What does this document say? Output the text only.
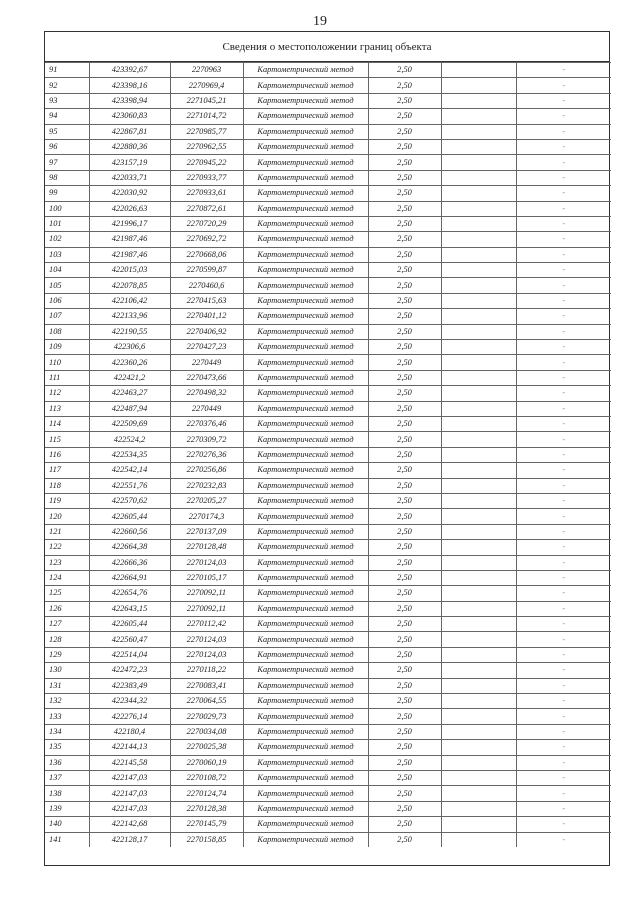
19
Сведения о местоположении границ объекта
91	423392,67	2270963	Картометрический метод	2,50		-
92	423398,16	2270969,4	Картометрический метод	2,50		-
93	423398,94	2271045,21	Картометрический метод	2,50		-
94	423060,83	2271014,72	Картометрический метод	2,50		-
95	422867,81	2270985,77	Картометрический метод	2,50		-
96	422880,36	2270962,55	Картометрический метод	2,50		-
97	423157,19	2270945,22	Картометрический метод	2,50		-
98	422033,71	2270933,77	Картометрический метод	2,50		-
99	422030,92	2270933,61	Картометрический метод	2,50		-
100	422026,63	2270872,61	Картометрический метод	2,50		-
101	421996,17	2270720,29	Картометрический метод	2,50		-
102	421987,46	2270692,72	Картометрический метод	2,50		-
103	421987,46	2270668,06	Картометрический метод	2,50		-
104	422015,03	2270599,87	Картометрический метод	2,50		-
105	422078,85	2270460,6	Картометрический метод	2,50		-
106	422106,42	2270415,63	Картометрический метод	2,50		-
107	422133,96	2270401,12	Картометрический метод	2,50		-
108	422190,55	2270406,92	Картометрический метод	2,50		-
109	422306,6	2270427,23	Картометрический метод	2,50		-
110	422360,26	2270449	Картометрический метод	2,50		-
111	422421,2	2270473,66	Картометрический метод	2,50		-
112	422463,27	2270498,32	Картометрический метод	2,50		-
113	422487,94	2270449	Картометрический метод	2,50		-
114	422509,69	2270376,46	Картометрический метод	2,50		-
115	422524,2	2270309,72	Картометрический метод	2,50		-
116	422534,35	2270276,36	Картометрический метод	2,50		-
117	422542,14	2270256,86	Картометрический метод	2,50		-
118	422551,76	2270232,83	Картометрический метод	2,50		-
119	422570,62	2270205,27	Картометрический метод	2,50		-
120	422605,44	2270174,3	Картометрический метод	2,50		-
121	422660,56	2270137,09	Картометрический метод	2,50		-
122	422664,38	2270128,48	Картометрический метод	2,50		-
123	422666,36	2270124,03	Картометрический метод	2,50		-
124	422664,91	2270105,17	Картометрический метод	2,50		-
125	422654,76	2270092,11	Картометрический метод	2,50		-
126	422643,15	2270092,11	Картометрический метод	2,50		-
127	422605,44	2270112,42	Картометрический метод	2,50		-
128	422560,47	2270124,03	Картометрический метод	2,50		-
129	422514,04	2270124,03	Картометрический метод	2,50		-
130	422472,23	2270118,22	Картометрический метод	2,50		-
131	422383,49	2270083,41	Картометрический метод	2,50		-
132	422344,32	2270064,55	Картометрический метод	2,50		-
133	422276,14	2270029,73	Картометрический метод	2,50		-
134	422180,4	2270034,08	Картометрический метод	2,50		-
135	422144,13	2270025,38	Картометрический метод	2,50		-
136	422145,58	2270060,19	Картометрический метод	2,50		-
137	422147,03	2270108,72	Картометрический метод	2,50		-
138	422147,03	2270124,74	Картометрический метод	2,50		-
139	422147,03	2270128,38	Картометрический метод	2,50		-
140	422142,68	2270145,79	Картометрический метод	2,50		-
141	422128,17	2270158,85	Картометрический метод	2,50		-
